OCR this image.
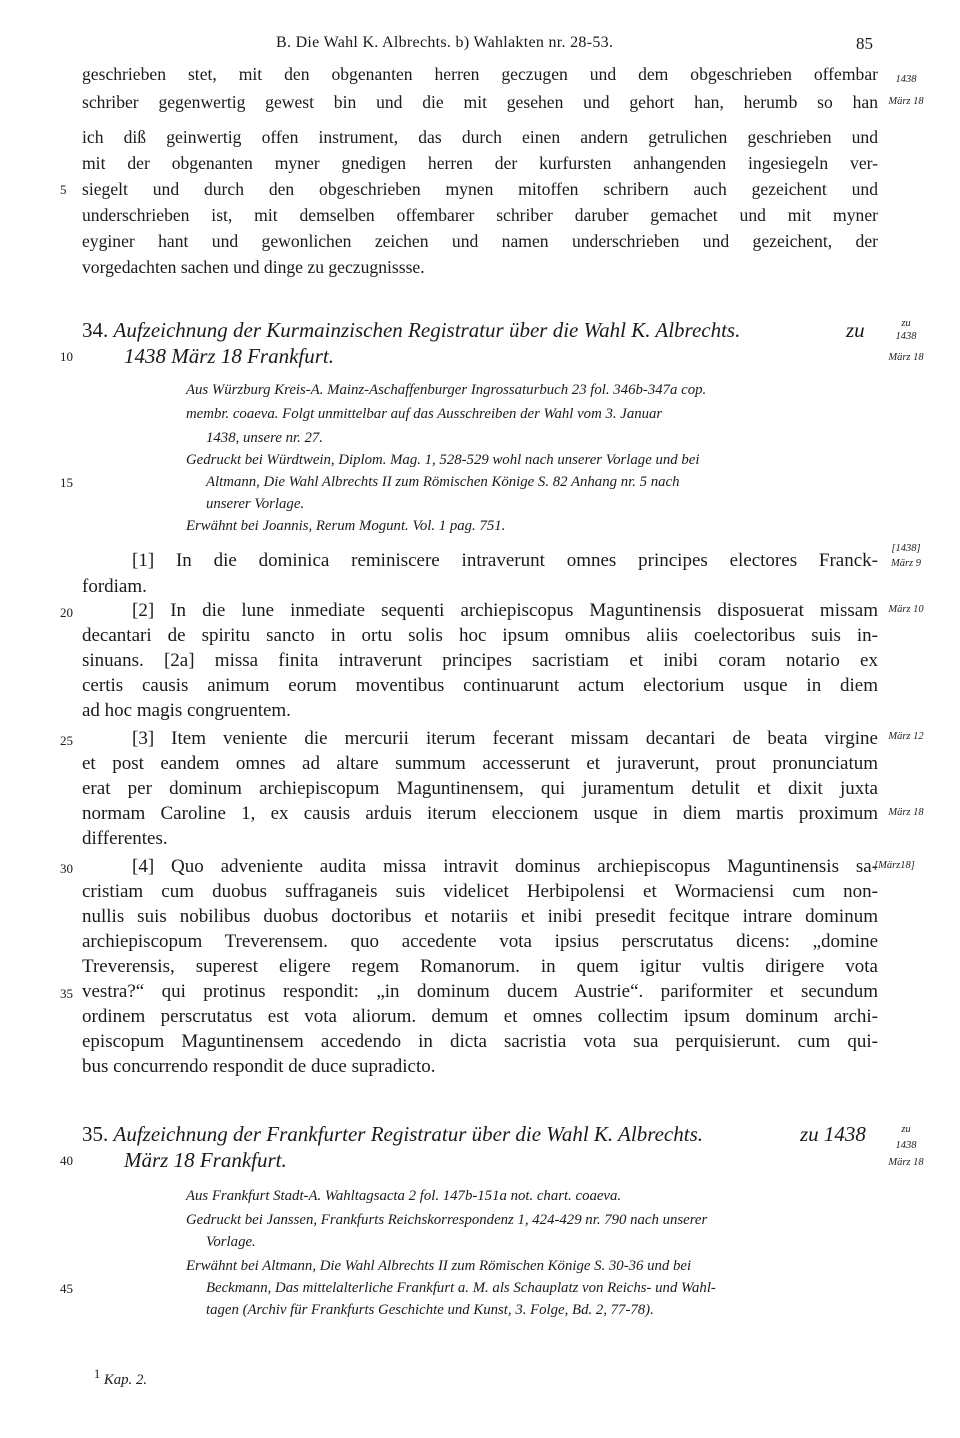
B. Die Wahl K. Albrechts. b) Wahlakten nr. 28-53.	85
1438
März 18
geschrieben stet, mit den obgenanten herren geczugen und dem obgeschrieben offembar
schriber gegenwertig gewest bin und die mit gesehen und gehort han, herumb so han
ich diß geinwertig offen instrument, das durch einen andern getrulichen geschrieben und
mit der obgenanten myner gnedigen herren der kurfursten anhangenden ingesiegeln ver-
5 siegelt und durch den obgeschrieben mynen mitoffen schribern auch gezeichent und
underschrieben ist, mit demselben offembarer schriber daruber gemachet und mit myner
eyginer hant und gewonlichen zeichen und namen underschrieben und gezeichent, der
vorgedachten sachen und dinge zu geczugnissse.
34. Aufzeichnung der Kurmainzischen Registratur über die Wahl K. Albrechts.	zu	zu
1438
10	1438 März 18 Frankfurt.	März 18
Aus Würzburg Kreis-A. Mainz-Aschaffenburger Ingrossaturbuch 23 fol. 346b-347a cop.
membr. coaeva. Folgt unmittelbar auf das Ausschreiben der Wahl vom 3. Januar
1438, unsere nr. 27.
Gedruckt bei Würdtwein, Diplom. Mag. 1, 528-529 wohl nach unserer Vorlage und bei
15	Altmann, Die Wahl Albrechts II zum Römischen Könige S. 82 Anhang nr. 5 nach
unserer Vorlage.
Erwähnt bei Joannis, Rerum Mogunt. Vol. 1 pag. 751.
[1] In die dominica reminiscere intraverunt omnes principes electores Franck-
[1438]
März 9
fordiam.
20	[2] In die lune inmediate sequenti archiepiscopus Maguntinensis disposuerat missam März 10
decantari de spiritu sancto in ortu solis hoc ipsum omnibus aliis coelectoribus suis in-
sinuans. [2a] missa finita intraverunt principes sacristiam et inibi coram notario ex
certis causis animum eorum moventibus continuarunt actum electorium usque in diem
ad hoc magis congruentem.
25	[3] Item veniente die mercurii iterum fecerant missam decantari de beata virgine März 12
et post eandem omnes ad altare summum accesserunt et juraverunt, prout pronunciatum
erat per dominum archiepiscopum Maguntinensem, qui juramentum detulit et dixit juxta
normam Caroline 1, ex causis arduis iterum eleccionem usque in diem martis proximum März 18
differentes.
30	[4] Quo adveniente audita missa intravit dominus archiepiscopus Maguntinensis sa-
[März18]
cristiam cum duobus suffraganeis suis videlicet Herbipolensi et Wormaciensi cum non-
nullis suis nobilibus duobus doctoribus et notariis et inibi presedit fecitque intrare dominum
archiepiscopum Treverensem. quo accedente vota ipsius perscrutatus dicens: „domine
Treverensis, superest eligere regem Romanorum. in quem igitur vultis dirigere vota
35 vestra?“ qui protinus respondit: „in dominum ducem Austrie“. pariformiter et secundum
ordinem perscrutatus est vota aliorum. demum et omnes collectim ipsum dominum archi-
episcopum Maguntinensem accedendo in dicta sacristia vota sua perquisierunt. cum qui-
bus concurrendo respondit de duce supradicto.
35. Aufzeichnung der Frankfurter Registratur über die Wahl K. Albrechts.	zu 1438	zu
1438
40	März 18 Frankfurt.	März 18
Aus Frankfurt Stadt-A. Wahltagsacta 2 fol. 147b-151a not. chart. coaeva.
Gedruckt bei Janssen, Frankfurts Reichskorrespondenz 1, 424-429 nr. 790 nach unserer
Vorlage.
Erwähnt bei Altmann, Die Wahl Albrechts II zum Römischen Könige S. 30-36 und bei
45	Beckmann, Das mittelalterliche Frankfurt a. M. als Schauplatz von Reichs- und Wahl-
tagen (Archiv für Frankfurts Geschichte und Kunst, 3. Folge, Bd. 2, 77-78).
$^1$ Kap. 2.
